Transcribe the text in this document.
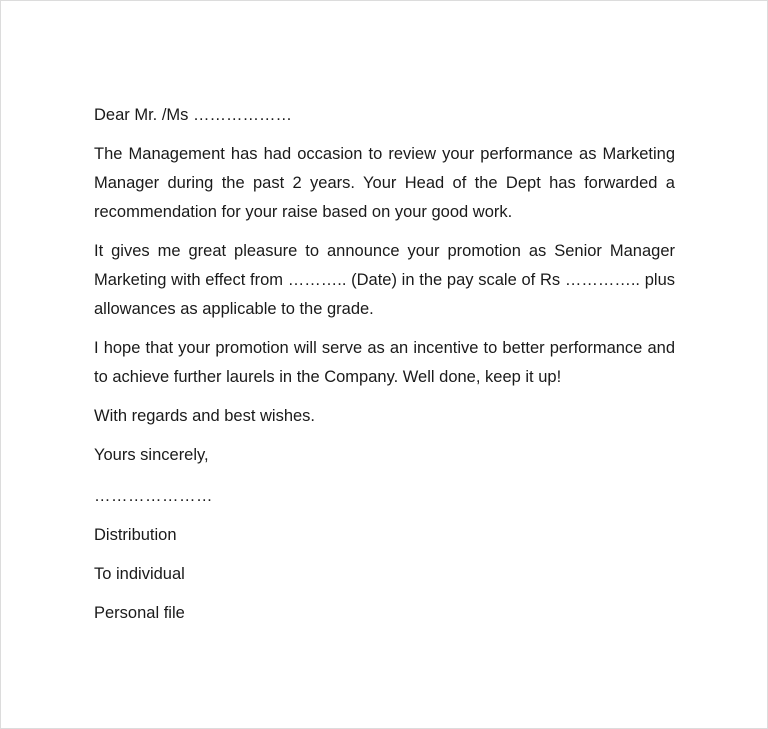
Dear Mr. /Ms ………………

The Management has had occasion to review your performance as Marketing Manager during the past 2 years. Your Head of the Dept has forwarded a recommendation for your raise based on your good work.

It gives me great pleasure to announce your promotion as Senior Manager Marketing with effect from ……….. (Date) in the pay scale of Rs ………….. plus allowances as applicable to the grade.

I hope that your promotion will serve as an incentive to better performance and to achieve further laurels in the Company. Well done, keep it up!

With regards and best wishes.

Yours sincerely,

…………………

Distribution

To individual

Personal file
